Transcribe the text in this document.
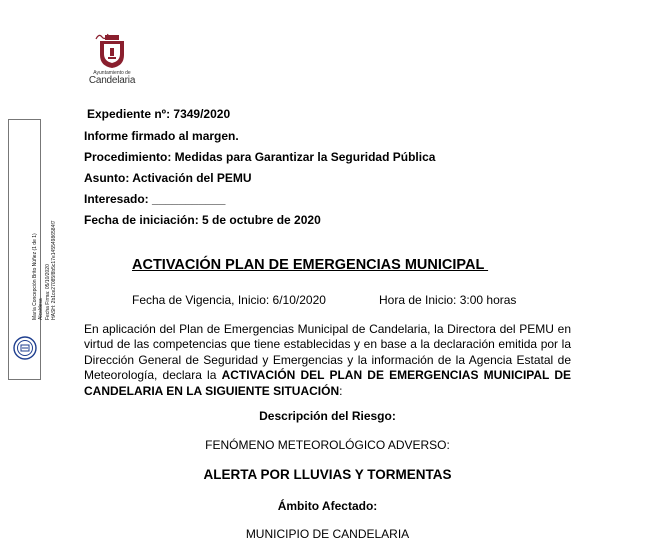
Ayuntamiento de
Candelaria
María Concepción Brito Núñez (1 de 1) Alcaldesa Fecha Firma: 05/10/2020 HASH: 2b1ce27085f8b5c17e14554986584f7
Expediente nº: 7349/2020
Informe firmado al margen.
Procedimiento: Medidas para Garantizar la Seguridad Pública
Asunto: Activación del PEMU
Interesado: ___________
Fecha de iniciación: 5 de octubre de 2020
ACTIVACIÓN PLAN DE EMERGENCIAS MUNICIPAL
Fecha de Vigencia, Inicio: 6/10/2020	Hora de Inicio: 3:00 horas
En aplicación del Plan de Emergencias Municipal de Candelaria, la Directora del PEMU en virtud de las competencias que tiene establecidas y en base a la declaración emitida por la Dirección General de Seguridad y Emergencias y la información de la Agencia Estatal de Meteorología, declara la ACTIVACIÓN DEL PLAN DE EMERGENCIAS MUNICIPAL DE CANDELARIA EN LA SIGUIENTE SITUACIÓN:
Descripción del Riesgo:
FENÓMENO METEOROLÓGICO ADVERSO:
ALERTA POR LLUVIAS Y TORMENTAS
Ámbito Afectado:
MUNICIPIO DE CANDELARIA
